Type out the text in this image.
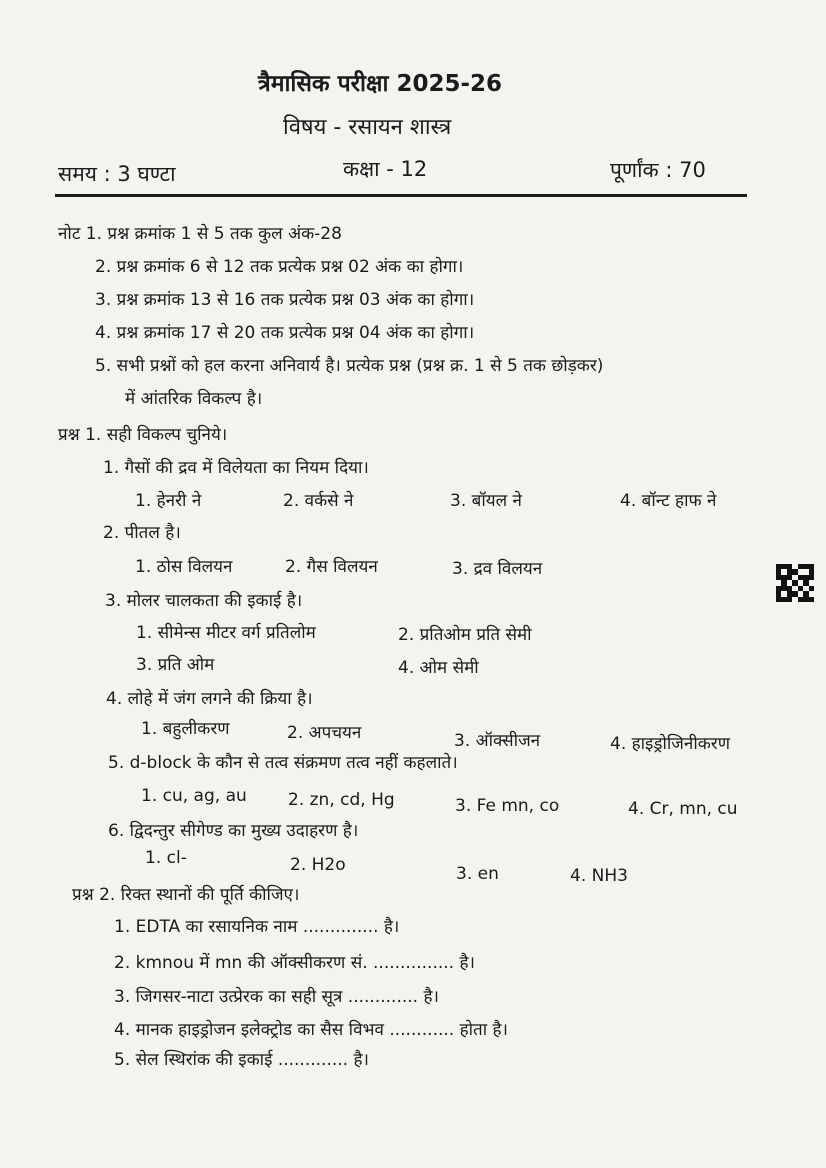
त्रैमासिक परीक्षा 2025-26
विषय - रसायन शास्त्र
समय : 3 घण्टा	कक्षा - 12	पूर्णांक : 70
नोट 1. प्रश्न क्रमांक 1 से 5 तक कुल अंक-28
2. प्रश्न क्रमांक 6 से 12 तक प्रत्येक प्रश्न 02 अंक का होगा।
3. प्रश्न क्रमांक 13 से 16 तक प्रत्येक प्रश्न 03 अंक का होगा।
4. प्रश्न क्रमांक 17 से 20 तक प्रत्येक प्रश्न 04 अंक का होगा।
5. सभी प्रश्नों को हल करना अनिवार्य है। प्रत्येक प्रश्न (प्रश्न क्र. 1 से 5 तक छोड़कर)
में आंतरिक विकल्प है।
प्रश्न 1. सही विकल्प चुनिये।
1. गैसों की द्रव में विलेयता का नियम दिया।
1. हेनरी ने	2. वर्कसे ने	3. बॉयल ने	4. बॉन्ट हाफ ने
2. पीतल है।
1. ठोस विलयन	2. गैस विलयन	3. द्रव विलयन
3. मोलर चालकता की इकाई है।
1. सीमेन्स मीटर वर्ग प्रतिलोम	2. प्रतिओम प्रति सेमी
3. प्रति ओम	4. ओम सेमी
4. लोहे में जंग लगने की क्रिया है।
1. बहुलीकरण	2. अपचयन	3. ऑक्सीजन	4. हाइड्रोजिनीकरण
5. d-block के कौन से तत्व संक्रमण तत्व नहीं कहलाते।
1. cu, ag, au 2. zn, cd, Hg	3. Fe mn, co	4. Cr, mn, cu
6. द्विदन्तुर सीगेण्ड का मुख्य उदाहरण है।
1. cl-	2. H2o	3. en	4. NH3
प्रश्न 2. रिक्त स्थानों की पूर्ति कीजिए।
1. EDTA का रसायनिक नाम .............. है।
2. kmnou में mn की ऑक्सीकरण सं. ............... है।
3. जिगसर-नाटा उत्प्रेरक का सही सूत्र ............. है।
4. मानक हाइड्रोजन इलेक्ट्रोड का सैस विभव ............ होता है।
5. सेल स्थिरांक की इकाई ............. है।
